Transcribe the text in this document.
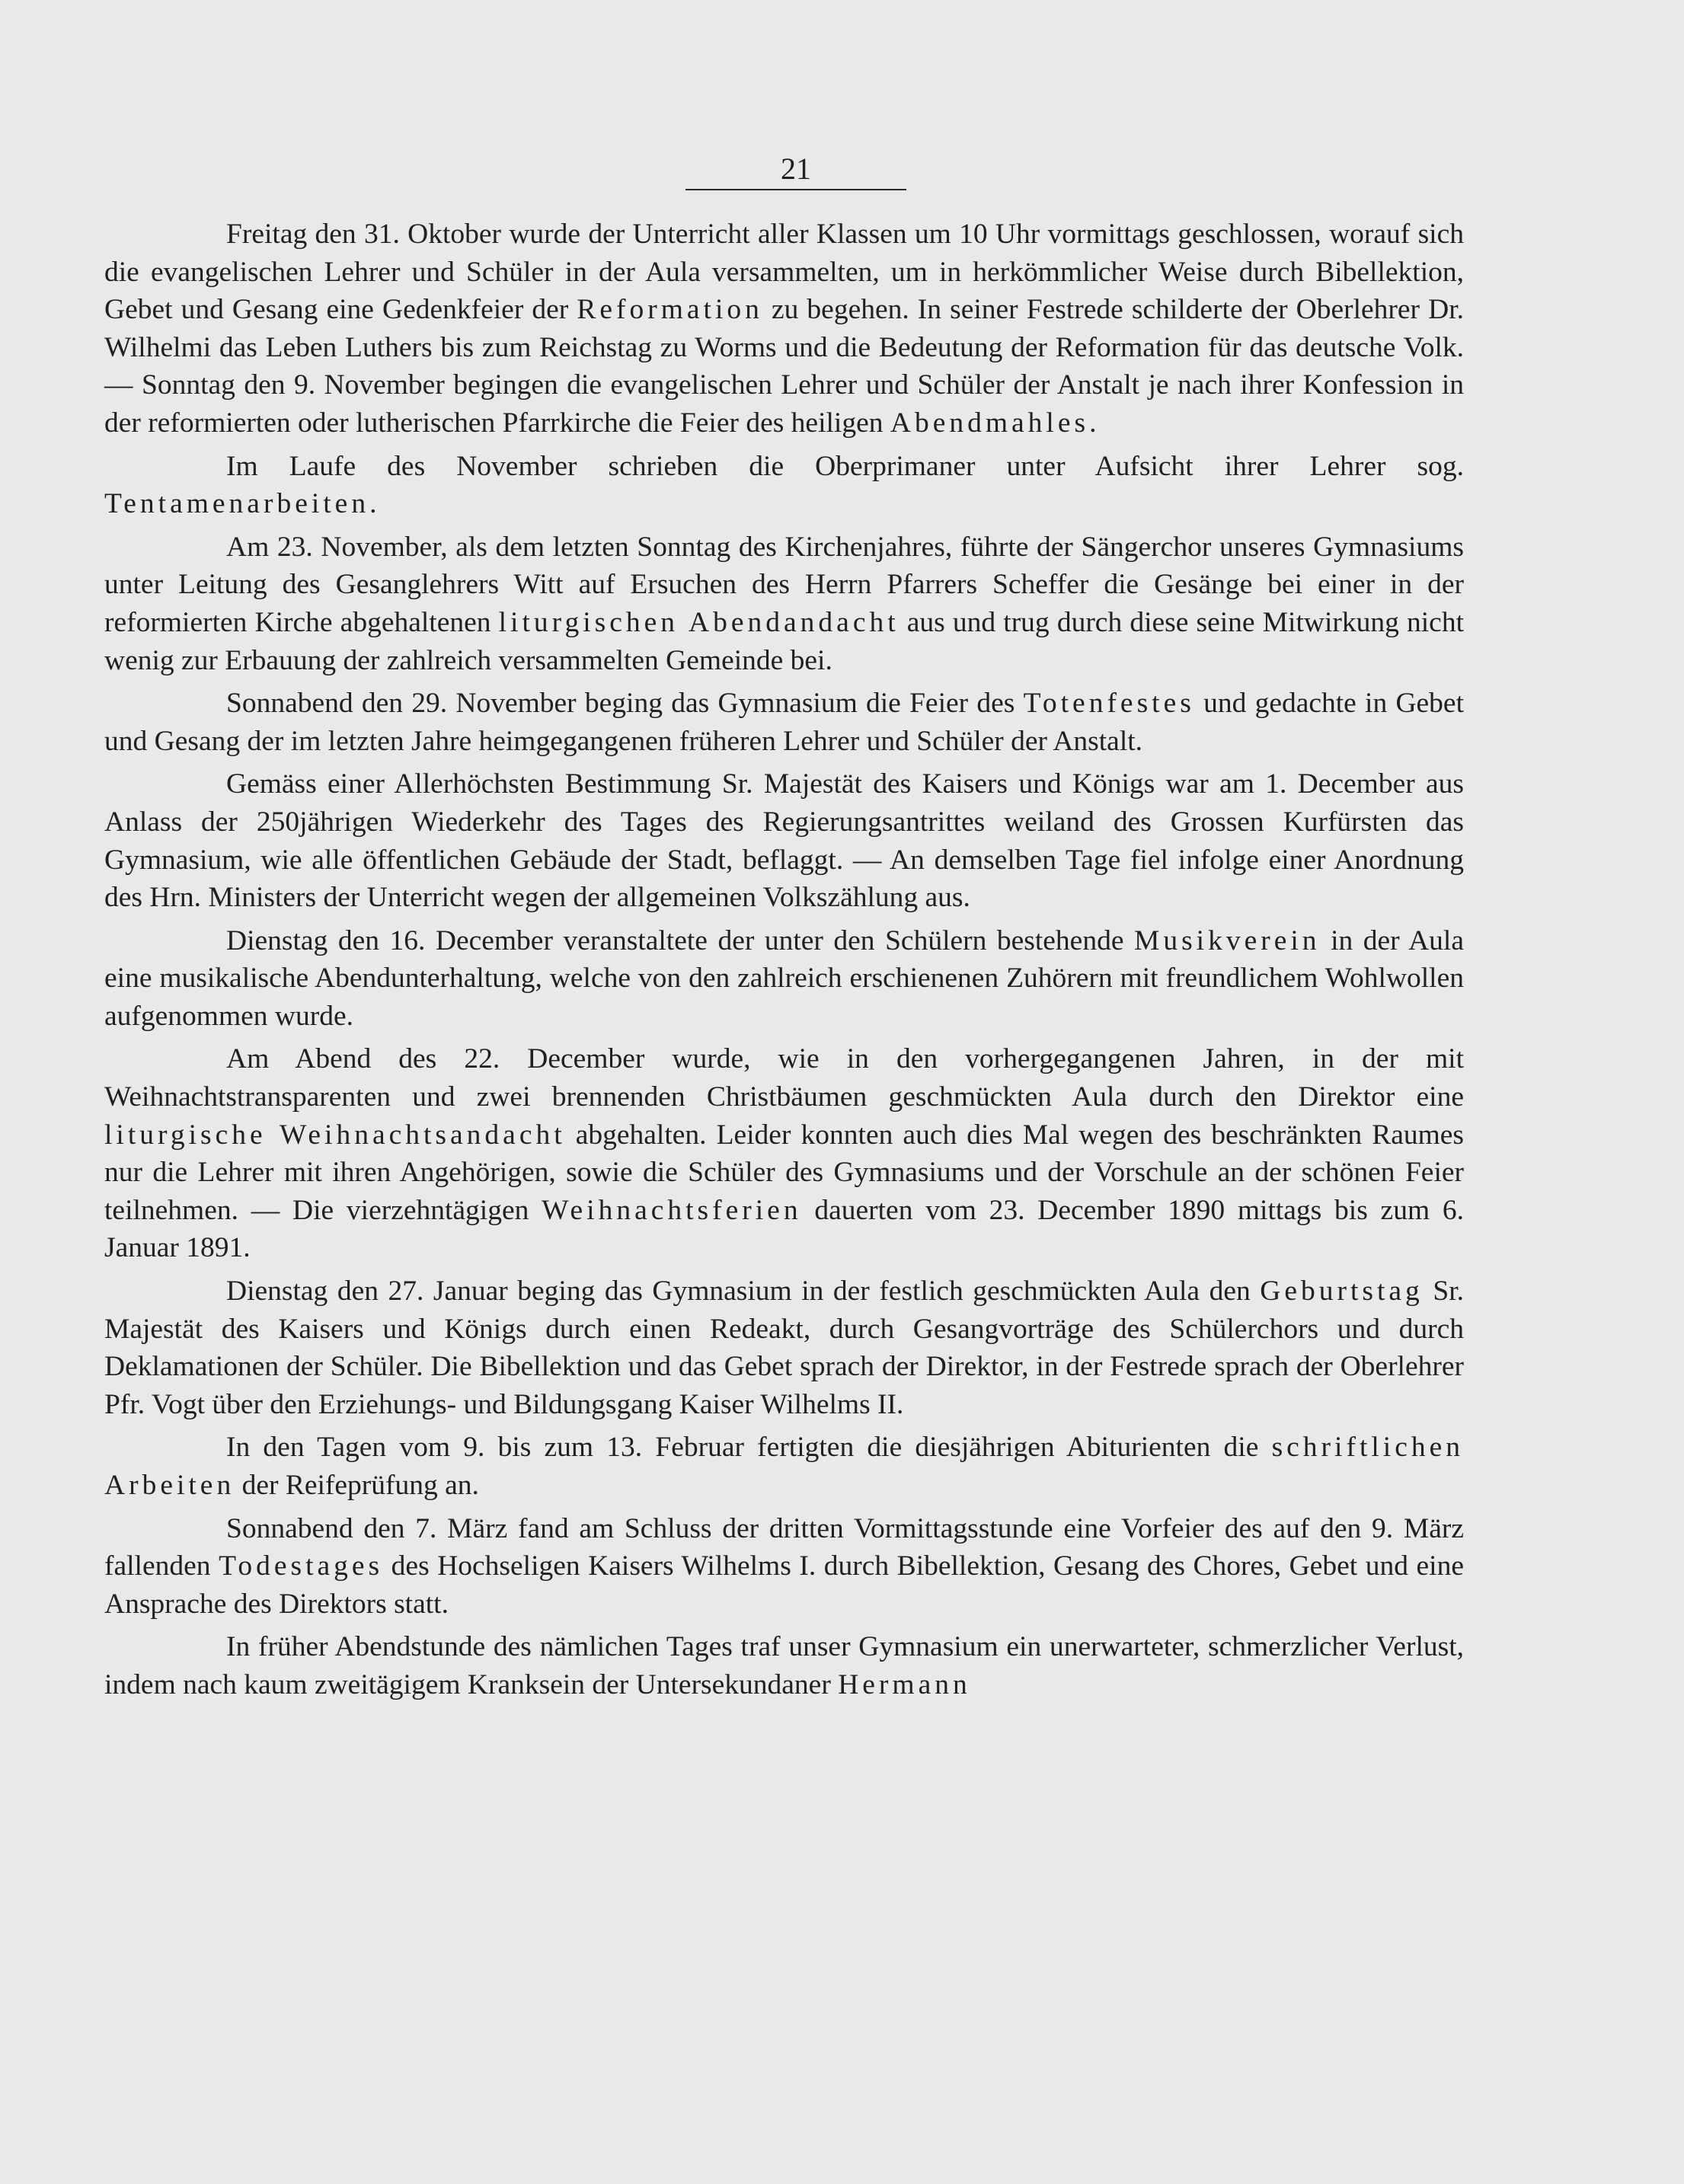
21

Freitag den 31. Oktober wurde der Unterricht aller Klassen um 10 Uhr vormittags geschlossen, worauf sich die evangelischen Lehrer und Schüler in der Aula versammelten, um in herkömmlicher Weise durch Bibellektion, Gebet und Gesang eine Gedenkfeier der Reformation zu begehen. In seiner Festrede schilderte der Oberlehrer Dr. Wilhelmi das Leben Luthers bis zum Reichstag zu Worms und die Bedeutung der Reformation für das deutsche Volk. — Sonntag den 9. November begingen die evangelischen Lehrer und Schüler der Anstalt je nach ihrer Konfession in der reformierten oder lutherischen Pfarrkirche die Feier des heiligen Abendmahles.

Im Laufe des November schrieben die Oberprimaner unter Aufsicht ihrer Lehrer sog. Tentamenarbeiten.

Am 23. November, als dem letzten Sonntag des Kirchenjahres, führte der Sängerchor unseres Gymnasiums unter Leitung des Gesanglehrers Witt auf Ersuchen des Herrn Pfarrers Scheffer die Gesänge bei einer in der reformierten Kirche abgehaltenen liturgischen Abendandacht aus und trug durch diese seine Mitwirkung nicht wenig zur Erbauung der zahlreich versammelten Gemeinde bei.

Sonnabend den 29. November beging das Gymnasium die Feier des Totenfestes und gedachte in Gebet und Gesang der im letzten Jahre heimgegangenen früheren Lehrer und Schüler der Anstalt.

Gemäss einer Allerhöchsten Bestimmung Sr. Majestät des Kaisers und Königs war am 1. December aus Anlass der 250jährigen Wiederkehr des Tages des Regierungsantrittes weiland des Grossen Kurfürsten das Gymnasium, wie alle öffentlichen Gebäude der Stadt, beflaggt. — An demselben Tage fiel infolge einer Anordnung des Hrn. Ministers der Unterricht wegen der allgemeinen Volkszählung aus.

Dienstag den 16. December veranstaltete der unter den Schülern bestehende Musikverein in der Aula eine musikalische Abendunterhaltung, welche von den zahlreich erschienenen Zuhörern mit freundlichem Wohlwollen aufgenommen wurde.

Am Abend des 22. December wurde, wie in den vorhergegangenen Jahren, in der mit Weihnachtstransparenten und zwei brennenden Christbäumen geschmückten Aula durch den Direktor eine liturgische Weihnachtsandacht abgehalten. Leider konnten auch dies Mal wegen des beschränkten Raumes nur die Lehrer mit ihren Angehörigen, sowie die Schüler des Gymnasiums und der Vorschule an der schönen Feier teilnehmen. — Die vierzehntägigen Weihnachtsferien dauerten vom 23. December 1890 mittags bis zum 6. Januar 1891.

Dienstag den 27. Januar beging das Gymnasium in der festlich geschmückten Aula den Geburtstag Sr. Majestät des Kaisers und Königs durch einen Redeakt, durch Gesangvorträge des Schülerchors und durch Deklamationen der Schüler. Die Bibellektion und das Gebet sprach der Direktor, in der Festrede sprach der Oberlehrer Pfr. Vogt über den Erziehungs- und Bildungsgang Kaiser Wilhelms II.

In den Tagen vom 9. bis zum 13. Februar fertigten die diesjährigen Abiturienten die schriftlichen Arbeiten der Reifeprüfung an.

Sonnabend den 7. März fand am Schluss der dritten Vormittagsstunde eine Vorfeier des auf den 9. März fallenden Todestages des Hochseligen Kaisers Wilhelms I. durch Bibellektion, Gesang des Chores, Gebet und eine Ansprache des Direktors statt.

In früher Abendstunde des nämlichen Tages traf unser Gymnasium ein unerwarteter, schmerzlicher Verlust, indem nach kaum zweitägigem Kranksein der Untersekundaner Hermann
